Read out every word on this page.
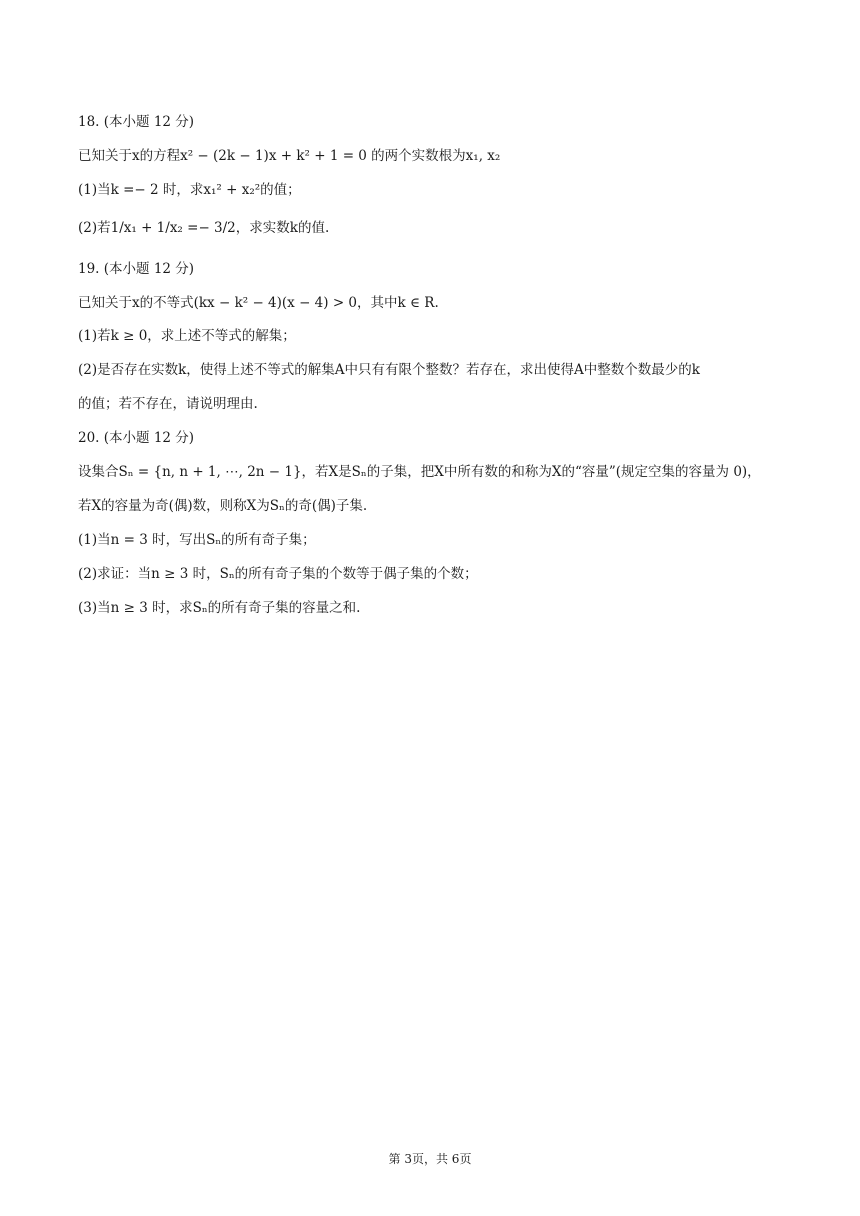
18. (本小题 12 分)
已知关于x的方程x² − (2k − 1)x + k² + 1 = 0 的两个实数根为x₁, x₂
(1)当k =− 2 时，求x₁² + x₂²的值；
(2)若1/x₁ + 1/x₂ =− 3/2，求实数k的值.
19. (本小题 12 分)
已知关于x的不等式(kx − k² − 4)(x − 4) > 0，其中k ∈ R.
(1)若k ≥ 0，求上述不等式的解集；
(2)是否存在实数k，使得上述不等式的解集A中只有有限个整数？若存在，求出使得A中整数个数最少的k
的值；若不存在，请说明理由.
20. (本小题 12 分)
设集合Sₙ = {n, n + 1, ⋯, 2n − 1}，若X是Sₙ的子集，把X中所有数的和称为X的“容量”(规定空集的容量为 0)，
若X的容量为奇(偶)数，则称X为Sₙ的奇(偶)子集.
(1)当n = 3 时，写出Sₙ的所有奇子集；
(2)求证：当n ≥ 3 时，Sₙ的所有奇子集的个数等于偶子集的个数；
(3)当n ≥ 3 时，求Sₙ的所有奇子集的容量之和.
第 3页，共 6页
